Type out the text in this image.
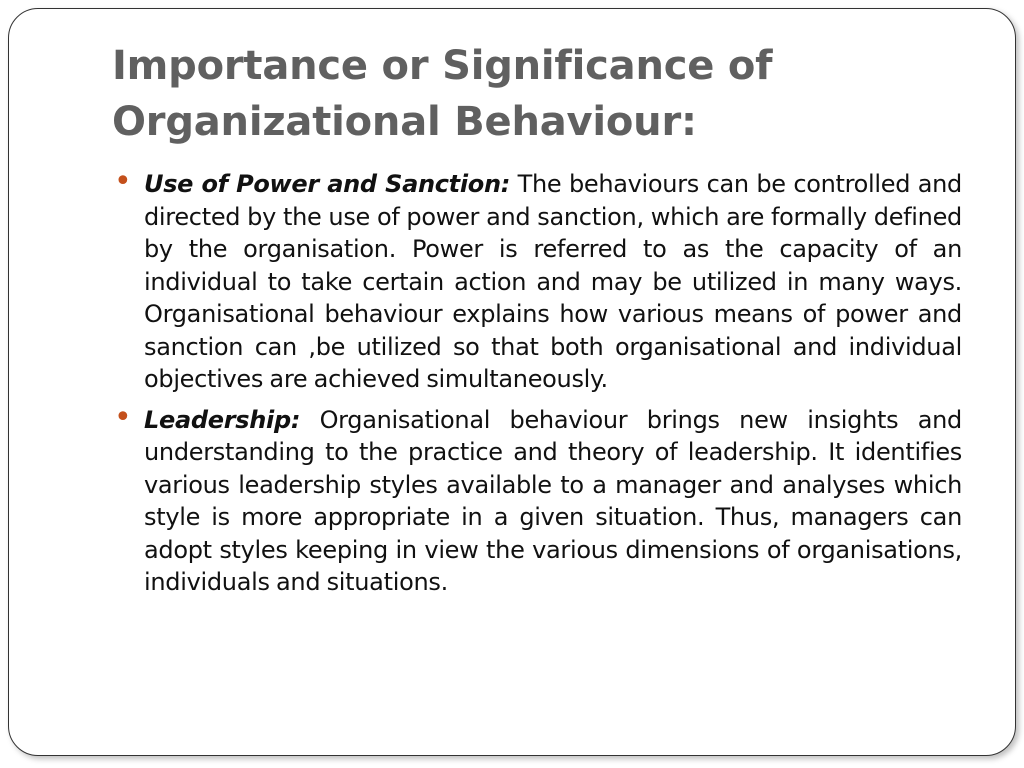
Importance or Significance of Organizational Behaviour:
• Use of Power and Sanction: The behaviours can be controlled and directed by the use of power and sanction, which are formally defined by the organisation. Power is referred to as the capacity of an individual to take certain action and may be utilized in many ways. Organisational behaviour explains how various means of power and sanction can ,be utilized so that both organisational and individual objectives are achieved simultaneously.
• Leadership: Organisational behaviour brings new insights and understanding to the practice and theory of leadership. It identifies various leadership styles available to a manager and analyses which style is more appropriate in a given situation. Thus, managers can adopt styles keeping in view the various dimensions of organisations, individuals and situations.
